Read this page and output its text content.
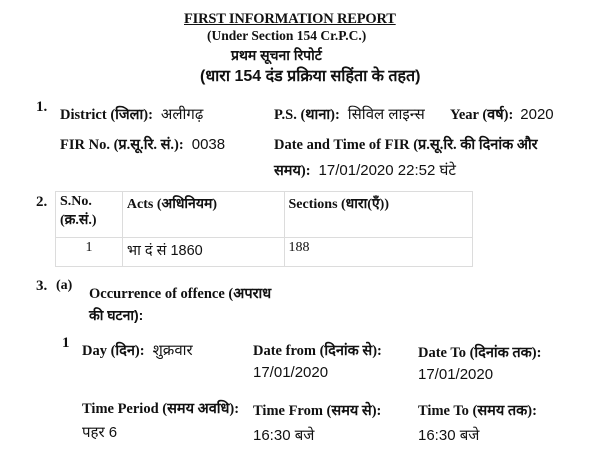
FIRST INFORMATION REPORT
(Under Section 154 Cr.P.C.)
प्रथम सूचना रिपोर्ट
(धारा 154 दंड प्रक्रिया सहिंता के तहत)
1. District (जिला): अलीगढ़	P.S. (थाना): सिविल लाइन्स Year (वर्ष): 2020
FIR No. (प्र.सू.रि. सं.): 0038	Date and Time of FIR (प्र.सू.रि. की दिनांक और
समय): 17/01/2020 22:52 घंटे
2. S.No.
(क्र.सं.)	Acts (अधिनियम)	Sections (धारा(एँ))
1	भा दं सं 1860	188
3. (a)
Occurrence of offence (अपराध
की घटना):
1 Day (दिन): शुक्रवार	Date from (दिनांक से):
17/01/2020
Date To (दिनांक तक):
17/01/2020
Time Period (समय अवधि):
पहर 6
Time From (समय से):
16:30 बजे
Time To (समय तक):
16:30 बजे
